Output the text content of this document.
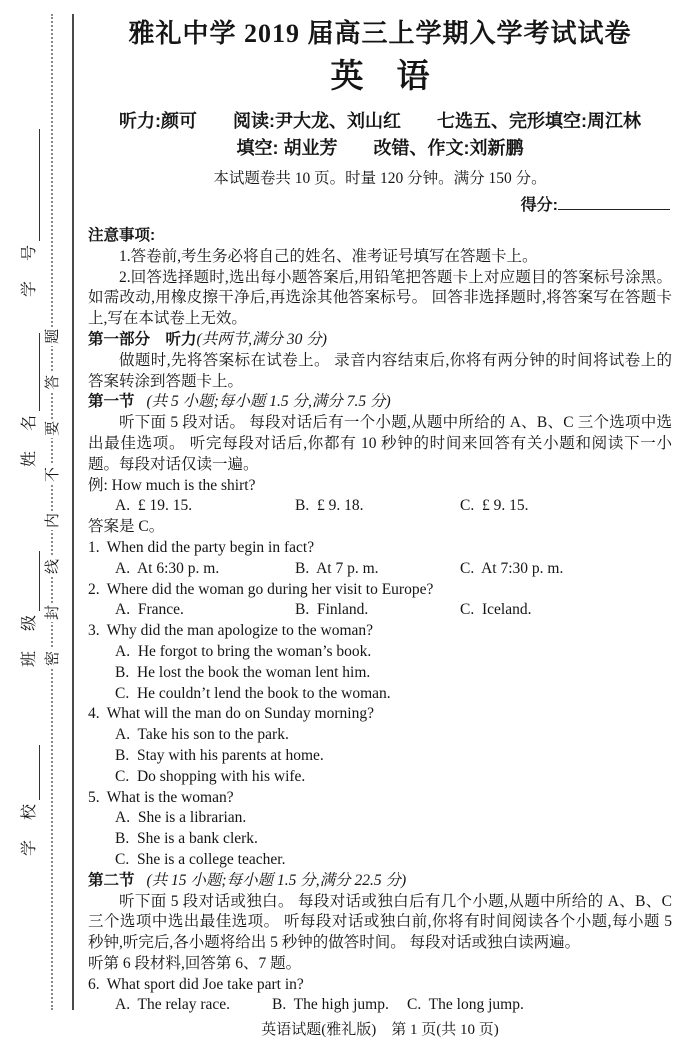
密
封
线
内
不
要
答
题
学　号
姓　名
班　级
学　校
雅礼中学 2019 届高三上学期入学考试试卷
英　语
听力:颜可　　阅读:尹大龙、刘山红　　七选五、完形填空:周江林
填空: 胡业芳　　改错、作文:刘新鹏
本试题卷共 10 页。时量 120 分钟。满分 150 分。
得分:

注意事项:

1.答卷前,考生务必将自己的姓名、准考证号填写在答题卡上。

2.回答选择题时,选出每小题答案后,用铅笔把答题卡上对应题目的答案标号涂黑。 如需改动,用橡皮擦干净后,再选涂其他答案标号。 回答非选择题时,将答案写在答题卡上,写在本试卷上无效。

第一部分　听力(共两节,满分 30 分)

做题时,先将答案标在试卷上。 录音内容结束后,你将有两分钟的时间将试卷上的答案转涂到答题卡上。

第一节 (共 5 小题;每小题 1.5 分,满分 7.5 分)

听下面 5 段对话。 每段对话后有一个小题,从题中所给的 A、B、C 三个选项中选出最佳选项。 听完每段对话后,你都有 10 秒钟的时间来回答有关小题和阅读下一小题。每段对话仅读一遍。

例: How much is the shirt?

A.  £ 19. 15.	B.  £ 9. 18.	C.  £ 9. 15.

答案是 C。

1. When did the party begin in fact?

A.  At 6:30 p. m.	B.  At 7 p. m.	C.  At 7:30 p. m.

2. Where did the woman go during her visit to Europe?

A.  France.	B.  Finland.	C.  Iceland.

3. Why did the man apologize to the woman?

A.  He forgot to bring the woman’s book.

B.  He lost the book the woman lent him.

C.  He couldn’t lend the book to the woman.

4. What will the man do on Sunday morning?

A.  Take his son to the park.

B.  Stay with his parents at home.

C.  Do shopping with his wife.

5. What is the woman?

A.  She is a librarian.

B.  She is a bank clerk.

C.  She is a college teacher.

第二节 (共 15 小题;每小题 1.5 分,满分 22.5 分)

听下面 5 段对话或独白。 每段对话或独白后有几个小题,从题中所给的 A、B、C 三个选项中选出最佳选项。 听每段对话或独白前,你将有时间阅读各个小题,每小题 5 秒钟,听完后,各小题将给出 5 秒钟的做答时间。 每段对话或独白读两遍。

听第 6 段材料,回答第 6、7 题。

6. What sport did Joe take part in?

A.  The relay race.	B.  The high jump.	C.  The long jump.
英语试题(雅礼版)　第 1 页(共 10 页)
